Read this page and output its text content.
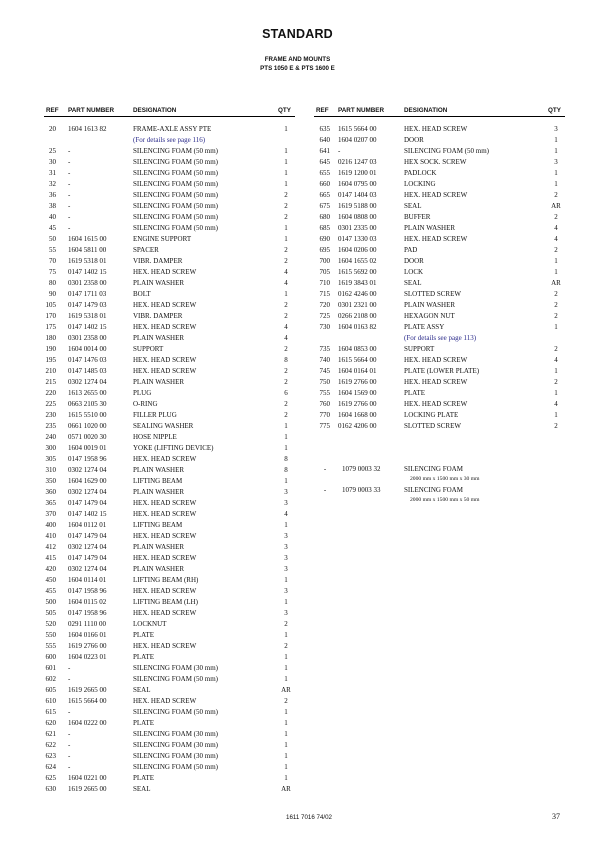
STANDARD
FRAME AND MOUNTS
PTS 1050 E & PTS 1600 E
REF PART NUMBER	DESIGNATION	QTY	REF PART NUMBER	DESIGNATION	QTY
20 1604 1613 82	FRAME-AXLE ASSY PTE	1
(For details see page 116)
25 -	SILENCING FOAM (50 mm)	1
30 -	SILENCING FOAM (50 mm)	1
31 -	SILENCING FOAM (50 mm)	1
32 -	SILENCING FOAM (50 mm)	1
36 -	SILENCING FOAM (50 mm)	2
38 -	SILENCING FOAM (50 mm)	2
40 -	SILENCING FOAM (50 mm)	2
45 -	SILENCING FOAM (50 mm)	1
50 1604 1615 00	ENGINE SUPPORT	1
55 1604 5811 00	SPACER	2
70 1619 5318 01	VIBR. DAMPER	2
75 0147 1402 15	HEX. HEAD SCREW	4
80 0301 2358 00	PLAIN WASHER	4
90 0147 1711 03	BOLT	1
105 0147 1479 03	HEX. HEAD SCREW	2
170 1619 5318 01	VIBR. DAMPER	2
175 0147 1402 15	HEX. HEAD SCREW	4
180 0301 2358 00	PLAIN WASHER	4
190 1604 0014 00	SUPPORT	2
195 0147 1476 03	HEX. HEAD SCREW	8
210 0147 1485 03	HEX. HEAD SCREW	2
215 0302 1274 04	PLAIN WASHER	2
220 1613 2655 00	PLUG	6
225 0663 2105 30	O-RING	2
230 1615 5510 00	FILLER PLUG	2
235 0661 1020 00	SEALING WASHER	1
240 0571 0020 30	HOSE NIPPLE	1
300 1604 0019 01	YOKE (LIFTING DEVICE)	1
305 0147 1958 96	HEX. HEAD SCREW	8
310 0302 1274 04	PLAIN WASHER	8
350 1604 1629 00	LIFTING BEAM	1
360 0302 1274 04	PLAIN WASHER	3
365 0147 1479 04	HEX. HEAD SCREW	3
370 0147 1402 15	HEX. HEAD SCREW	4
400 1604 0112 01	LIFTING BEAM	1
410 0147 1479 04	HEX. HEAD SCREW	3
412 0302 1274 04	PLAIN WASHER	3
415 0147 1479 04	HEX. HEAD SCREW	3
420 0302 1274 04	PLAIN WASHER	3
450 1604 0114 01	LIFTING BEAM (RH)	1
455 0147 1958 96	HEX. HEAD SCREW	3
500 1604 0115 02	LIFTING BEAM (LH)	1
505 0147 1958 96	HEX. HEAD SCREW	3
520 0291 1110 00	LOCKNUT	2
550 1604 0166 01	PLATE	1
555 1619 2766 00	HEX. HEAD SCREW	2
600 1604 0223 01	PLATE	1
601 -	SILENCING FOAM (30 mm)	1
602 -	SILENCING FOAM (50 mm)	1
605 1619 2665 00	SEAL	AR
610 1615 5664 00	HEX. HEAD SCREW	2
615 -	SILENCING FOAM (50 mm)	1
620 1604 0222 00	PLATE	1
621 -	SILENCING FOAM (30 mm)	1
622 -	SILENCING FOAM (30 mm)	1
623 -	SILENCING FOAM (30 mm)	1
624 -	SILENCING FOAM (50 mm)	1
625 1604 0221 00	PLATE	1
630 1619 2665 00	SEAL	AR
635 1615 5664 00	HEX. HEAD SCREW	3
640 1604 0207 00	DOOR	1
641 -	SILENCING FOAM (50 mm)	1
645 0216 1247 03	HEX SOCK. SCREW	3
655 1619 1200 01	PADLOCK	1
660 1604 0795 00	LOCKING	1
665 0147 1404 03	HEX. HEAD SCREW	2
675 1619 5188 00	SEAL	AR
680 1604 0808 00	BUFFER	2
685 0301 2335 00	PLAIN WASHER	4
690 0147 1330 03	HEX. HEAD SCREW	4
695 1604 0206 00	PAD	2
700 1604 1655 02	DOOR	1
705 1615 5692 00	LOCK	1
710 1619 3843 01	SEAL	AR
715 0162 4246 00	SLOTTED SCREW	2
720 0301 2321 00	PLAIN WASHER	2
725 0266 2108 00	HEXAGON NUT	2
730 1604 0163 82	PLATE ASSY	1
(For details see page 113)
735 1604 0853 00	SUPPORT	2
740 1615 5664 00	HEX. HEAD SCREW	4
745 1604 0164 01	PLATE (LOWER PLATE)	1
750 1619 2766 00	HEX. HEAD SCREW	2
755 1604 1569 00	PLATE	1
760 1619 2766 00	HEX. HEAD SCREW	4
770 1604 1668 00	LOCKING PLATE	1
775 0162 4206 00	SLOTTED SCREW	2
-	1079 0003 32	SILENCING FOAM
2000 mm x 1500 mm x 30 mm
-	1079 0003 33	SILENCING FOAM
2000 mm x 1500 mm x 50 mm
1611 7016 74/02	37
